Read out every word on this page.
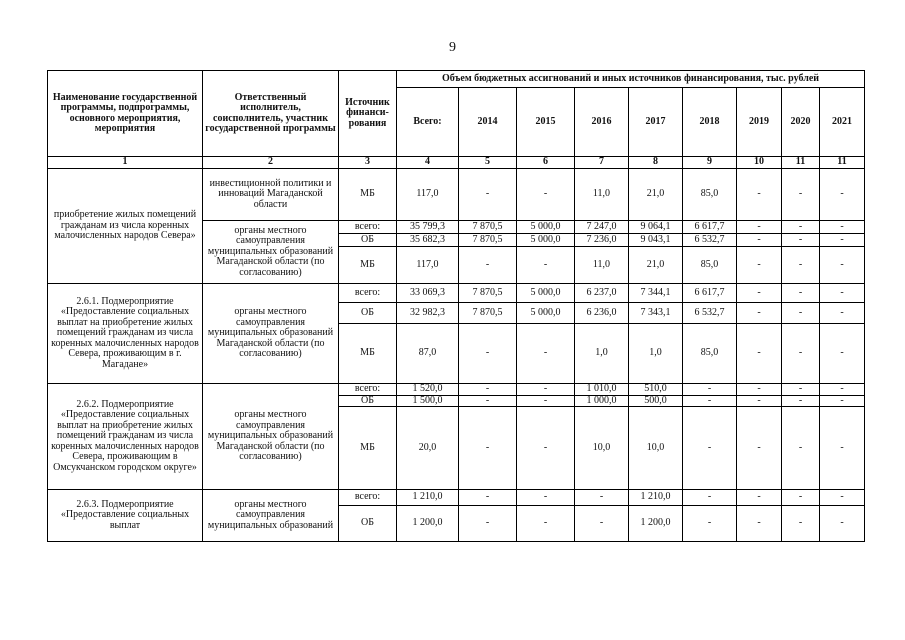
9
Наименование государственной программы, подпрограммы, основного мероприятия, мероприятия	Ответственный исполнитель, соисполнитель, участник государственной программы	Источник финанси-рования	Объем бюджетных ассигнований и иных источников финансирования, тыс. рублей								
			Всего:	2014	2015	2016	2017	2018	2019	2020	2021
1	2	3	4	5	6	7	8	9	10	11	11
приобретение жилых помещений гражданам из числа коренных малочисленных народов Севера»	инвестиционной политики и инноваций Магаданской области	МБ	117,0	-	-	11,0	21,0	85,0	-	-	-
	органы местного самоуправления муниципальных образований Магаданской области (по согласованию)	всего:	35 799,3	7 870,5	5 000,0	7 247,0	9 064,1	6 617,7	-	-	-
		ОБ	35 682,3	7 870,5	5 000,0	7 236,0	9 043,1	6 532,7	-	-	-
		МБ	117,0	-	-	11,0	21,0	85,0	-	-	-
2.6.1. Подмероприятие «Предоставление социальных выплат на приобретение жилых помещений гражданам из числа коренных малочисленных народов Севера, проживающим в г. Магадане»	органы местного самоуправления муниципальных образований Магаданской области (по согласованию)	всего:	33 069,3	7 870,5	5 000,0	6 237,0	7 344,1	6 617,7	-	-	-
		ОБ	32 982,3	7 870,5	5 000,0	6 236,0	7 343,1	6 532,7	-	-	-
		МБ	87,0	-	-	1,0	1,0	85,0	-	-	-
2.6.2. Подмероприятие «Предоставление социальных выплат на приобретение жилых помещений гражданам из числа коренных малочисленных народов Севера, проживающим в Омсукчанском городском округе»	органы местного самоуправления муниципальных образований Магаданской области (по согласованию)	всего:	1 520,0	-	-	1 010,0	510,0	-	-	-	-
		ОБ	1 500,0	-	-	1 000,0	500,0	-	-	-	-
		МБ	20,0	-	-	10,0	10,0	-	-	-	-
2.6.3. Подмероприятие «Предоставление социальных выплат	органы местного самоуправления муниципальных образований	всего:	1 210,0	-	-	-	1 210,0	-	-	-	-
		ОБ	1 200,0	-	-	-	1 200,0	-	-	-	-
